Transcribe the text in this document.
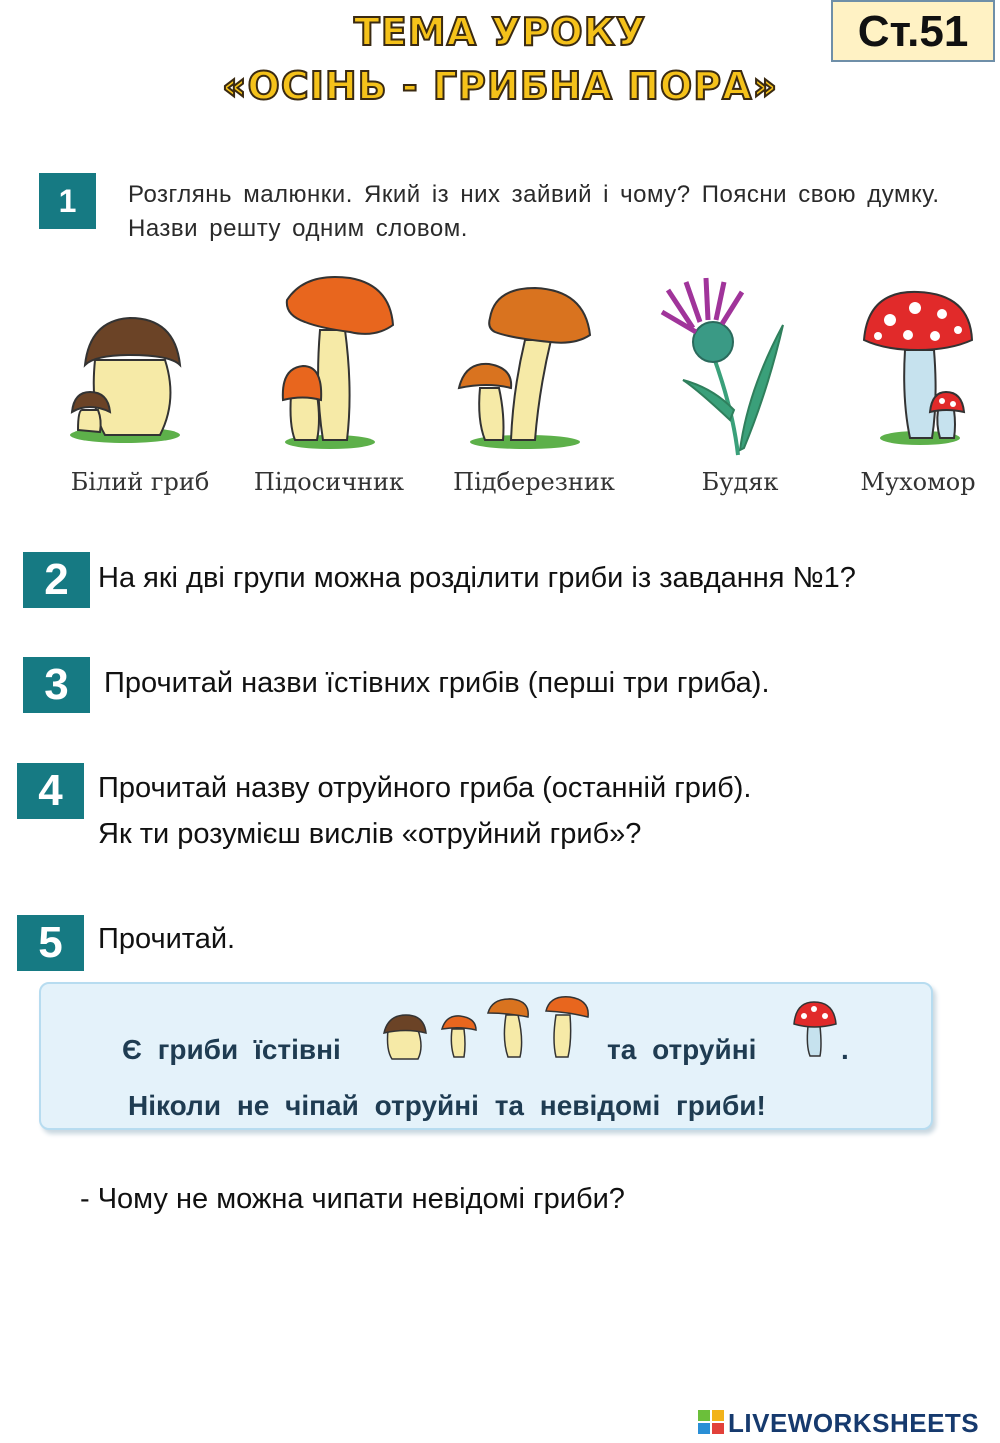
ТЕМА УРОКУ
«ОСІНЬ - ГРИБНА ПОРА»
Ст.51
1	Розглянь малюнки. Який із них зайвий і чому? Поясни свою думку. Назви решту одним словом.
Білий гриб	Підосичник	Підберезник	Будяк	Мухомор
2	На які дві групи можна розділити гриби із завдання №1?
3	Прочитай назви їстівних грибів (перші три гриба).
4	Прочитай назву отруйного гриба (останній гриб).
Як ти розумієш вислів «отруйний гриб»?
5	Прочитай.
Є гриби їстівні	та отруйні	.
Ніколи не чіпай отруйні та невідомі гриби!
- Чому не можна чипати невідомі гриби?
LIVEWORKSHEETS
